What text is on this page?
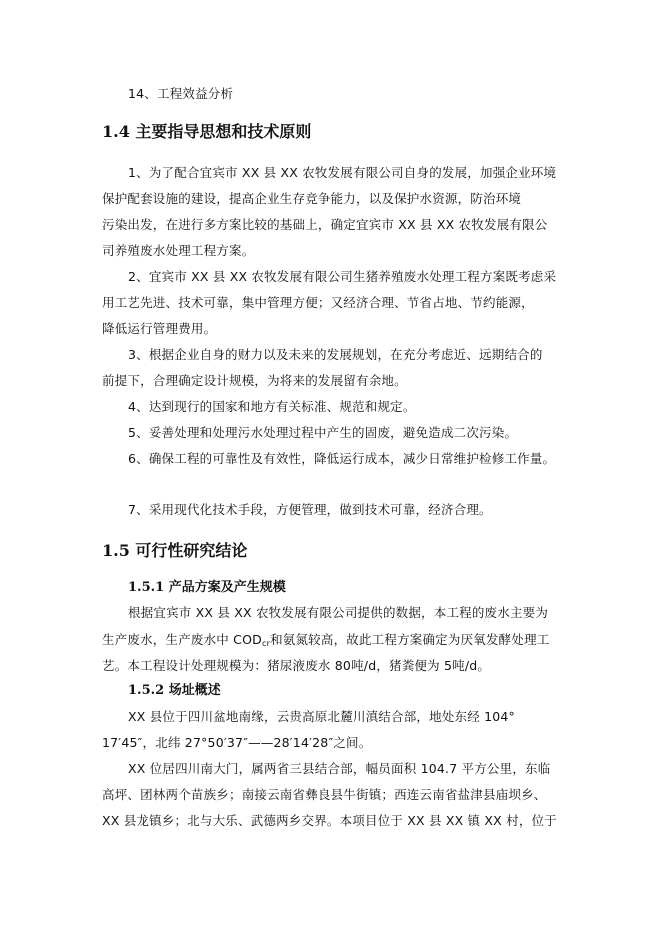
14、工程效益分析
1.4 主要指导思想和技术原则
1、为了配合宜宾市 XX 县 XX 农牧发展有限公司自身的发展，加强企业环境
保护配套设施的建设，提高企业生存竞争能力，以及保护水资源，防治环境
污染出发，在进行多方案比较的基础上，确定宜宾市 XX 县 XX 农牧发展有限公
司养殖废水处理工程方案。
2、宜宾市 XX 县 XX 农牧发展有限公司生猪养殖废水处理工程方案既考虑采
用工艺先进、技术可靠，集中管理方便；又经济合理、节省占地、节约能源，
降低运行管理费用。
3、根据企业自身的财力以及未来的发展规划，在充分考虑近、远期结合的
前提下，合理确定设计规模，为将来的发展留有余地。
4、达到现行的国家和地方有关标准、规范和规定。
5、妥善处理和处理污水处理过程中产生的固废，避免造成二次污染。
6、确保工程的可靠性及有效性，降低运行成本，减少日常维护检修工作量。
7、采用现代化技术手段，方便管理，做到技术可靠，经济合理。
1.5 可行性研究结论
1.5.1 产品方案及产生规模
根据宜宾市 XX 县 XX 农牧发展有限公司提供的数据，本工程的废水主要为
生产废水，生产废水中 $COD_{cr}$和氨氮较高，故此工程方案确定为厌氧发酵处理工
艺。本工程设计处理规模为：猪尿液废水 80吨/d，猪粪便为 5吨/d。
1.5.2 场址概述
XX 县位于四川盆地南缘，云贵高原北麓川滇结合部，地处东经 104°
17′45″，北纬 27°50′37″——28′14′28″之间。
XX 位居四川南大门，属两省三县结合部，幅员面积 104.7 平方公里，东临
高坪、团林两个苗族乡；南接云南省彝良县牛街镇；西连云南省盐津县庙坝乡、
XX 县龙镇乡；北与大乐、武德两乡交界。本项目位于 XX 县 XX 镇 XX 村，位于
